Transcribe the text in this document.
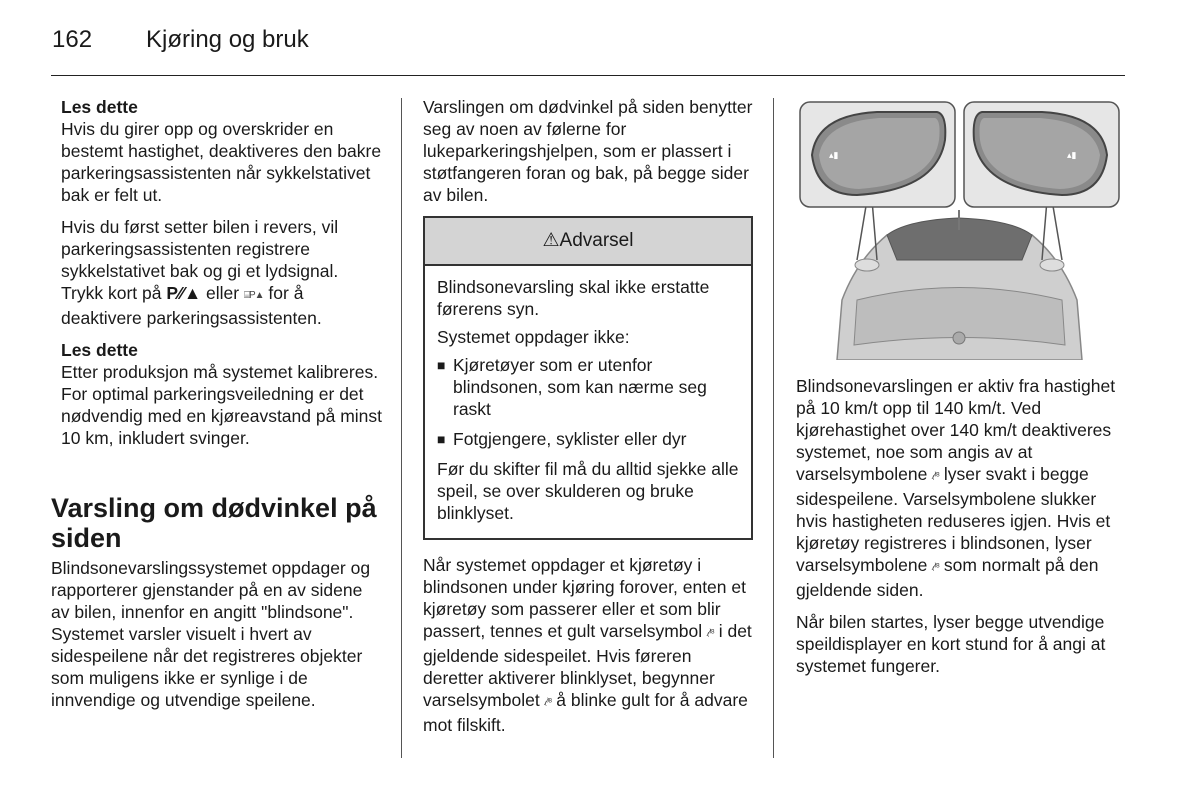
162 Kjøring og bruk
Les dette

Hvis du girer opp og overskrider en bestemt hastighet, deaktiveres den bakre parkeringsassistenten når sykkelstativet bak er felt ut.

Hvis du først setter bilen i revers, vil parkeringsassistenten registrere sykkelstativet bak og gi et lydsignal. Trykk kort på P⁄⁄▲ eller ⌸P▲ for å deaktivere parkeringsassistenten.

Les dette

Etter produksjon må systemet kalibreres. For optimal parkeringsveiledning er det nødvendig med en kjøreavstand på minst 10 km, inkludert svinger.

Varsling om dødvinkel på siden

Blindsonevarslingssystemet oppdager og rapporterer gjenstander på en av sidene av bilen, innenfor en angitt "blindsone". Systemet varsler visuelt i hvert av sidespeilene når det registreres objekter som muligens ikke er synlige i de innvendige og utvendige speilene.

Varslingen om dødvinkel på siden benytter seg av noen av følerne for lukeparkeringshjelpen, som er plassert i støtfangeren foran og bak, på begge sider av bilen.

⚠Advarsel

Blindsonevarsling skal ikke erstatte førerens syn.

Systemet oppdager ikke:

■ Kjøretøyer som er utenfor blindsonen, som kan nærme seg raskt
■ Fotgjengere, syklister eller dyr

Før du skifter fil må du alltid sjekke alle speil, se over skulderen og bruke blinklyset.

Når systemet oppdager et kjøretøy i blindsonen under kjøring forover, enten et kjøretøy som passerer eller et som blir passert, tennes et gult varselsymbol ₍⁄⁾⁸ i det gjeldende sidespeilet. Hvis føreren deretter aktiverer blinklyset, begynner varselsymbolet ₍⁄⁾⁸ å blinke gult for å advare mot filskift.

▴▮	▴▮

Blindsonevarslingen er aktiv fra hastighet på 10 km/t opp til 140 km/t. Ved kjørehastighet over 140 km/t deaktiveres systemet, noe som angis av at varselsymbolene ₍⁄⁾⁸ lyser svakt i begge sidespeilene. Varselsymbolene slukker hvis hastigheten reduseres igjen. Hvis et kjøretøy registreres i blindsonen, lyser varselsymbolene ₍⁄⁾⁸ som normalt på den gjeldende siden.

Når bilen startes, lyser begge utvendige speildisplayer en kort stund for å angi at systemet fungerer.
